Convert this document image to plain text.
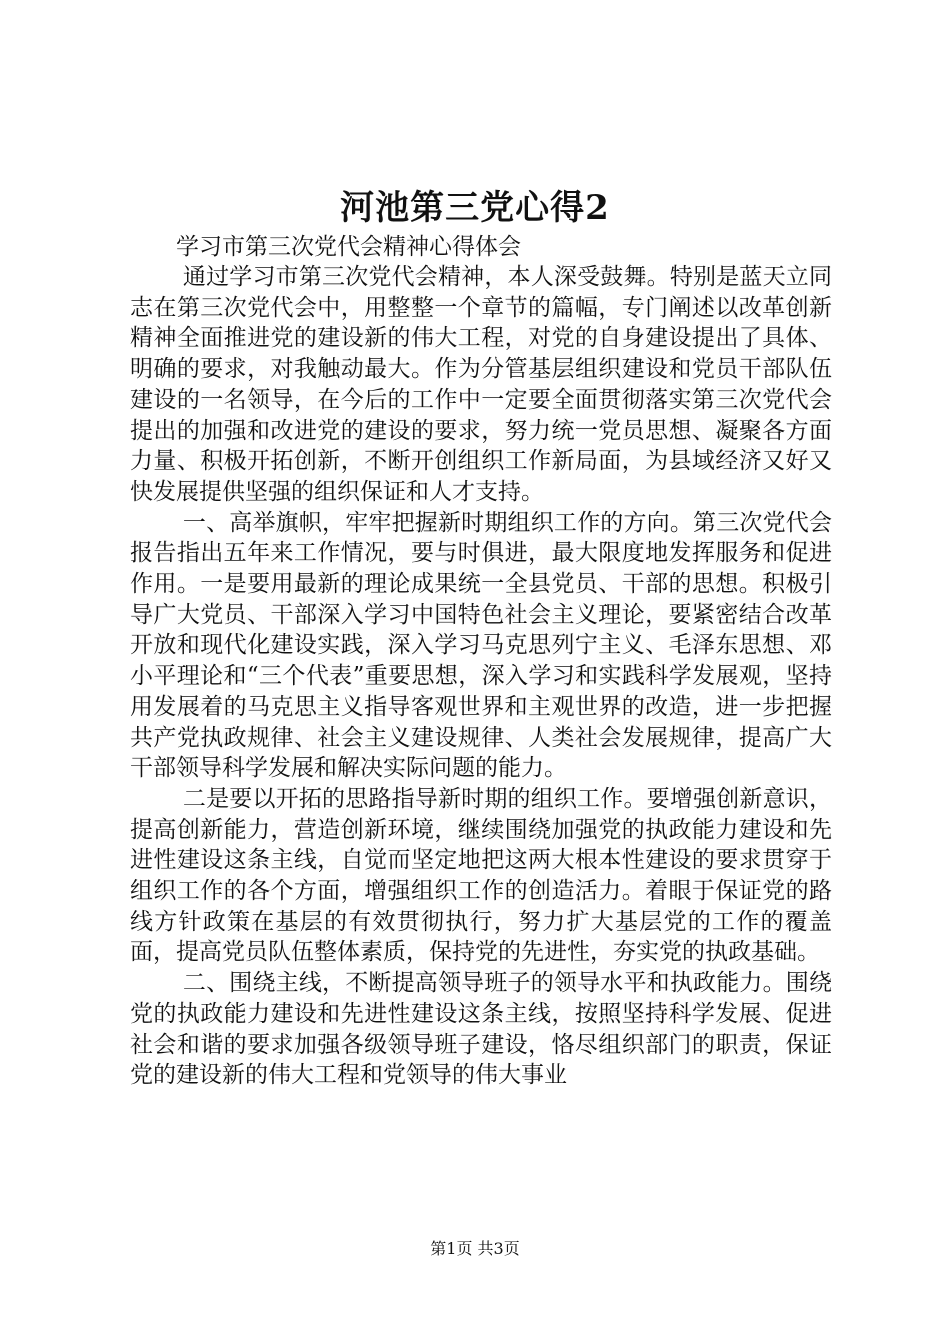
河池第三党心得2

学习市第三次党代会精神心得体会

通过学习市第三次党代会精神，本人深受鼓舞。特别是蓝天立同志在第三次党代会中，用整整一个章节的篇幅，专门阐述以改革创新精神全面推进党的建设新的伟大工程，对党的自身建设提出了具体、明确的要求，对我触动最大。作为分管基层组织建设和党员干部队伍建设的一名领导，在今后的工作中一定要全面贯彻落实第三次党代会提出的加强和改进党的建设的要求，努力统一党员思想、凝聚各方面力量、积极开拓创新，不断开创组织工作新局面，为县域经济又好又快发展提供坚强的组织保证和人才支持。

一、高举旗帜，牢牢把握新时期组织工作的方向。第三次党代会报告指出五年来工作情况，要与时俱进，最大限度地发挥服务和促进作用。一是要用最新的理论成果统一全县党员、干部的思想。积极引导广大党员、干部深入学习中国特色社会主义理论，要紧密结合改革开放和现代化建设实践，深入学习马克思列宁主义、毛泽东思想、邓小平理论和“三个代表”重要思想，深入学习和实践科学发展观，坚持用发展着的马克思主义指导客观世界和主观世界的改造，进一步把握共产党执政规律、社会主义建设规律、人类社会发展规律，提高广大干部领导科学发展和解决实际问题的能力。

二是要以开拓的思路指导新时期的组织工作。要增强创新意识，提高创新能力，营造创新环境，继续围绕加强党的执政能力建设和先进性建设这条主线，自觉而坚定地把这两大根本性建设的要求贯穿于组织工作的各个方面，增强组织工作的创造活力。着眼于保证党的路线方针政策在基层的有效贯彻执行，努力扩大基层党的工作的覆盖面，提高党员队伍整体素质，保持党的先进性，夯实党的执政基础。

二、围绕主线，不断提高领导班子的领导水平和执政能力。围绕党的执政能力建设和先进性建设这条主线，按照坚持科学发展、促进社会和谐的要求加强各级领导班子建设，恪尽组织部门的职责，保证党的建设新的伟大工程和党领导的伟大事业

第1页 共3页
